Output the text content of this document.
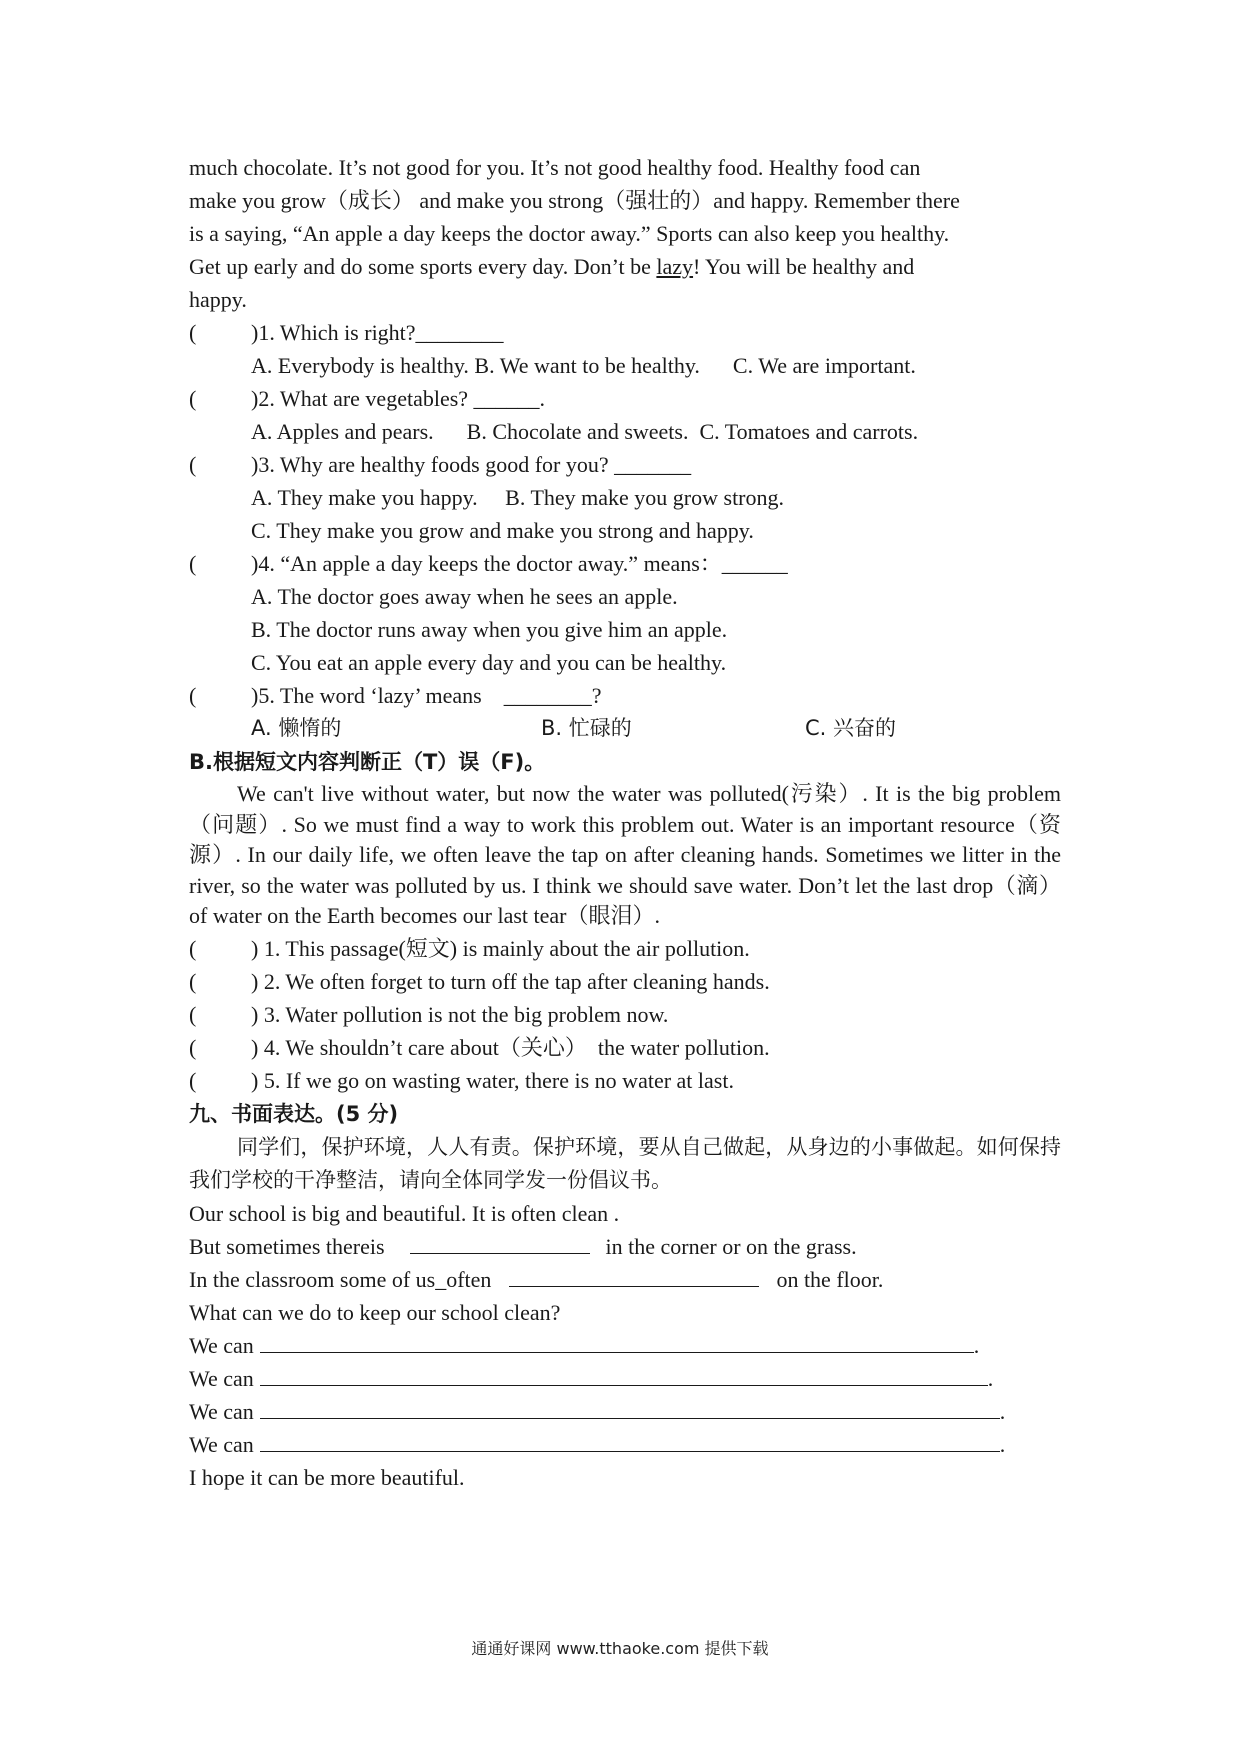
much chocolate. It’s not good for you. It’s not good healthy food. Healthy food can
make you grow（成长） and make you strong（强壮的）and happy. Remember there
is a saying, “An apple a day keeps the doctor away.” Sports can also keep you healthy.
Get up early and do some sports every day. Don’t be lazy! You will be healthy and
happy.
(	)1. Which is right?________
A. Everybody is healthy. B. We want to be healthy.      C. We are important.
(	)2. What are vegetables? ______.
A. Apples and pears.      B. Chocolate and sweets.  C. Tomatoes and carrots.
(	)3. Why are healthy foods good for you? _______
A. They make you happy.     B. They make you grow strong.
C. They make you grow and make you strong and happy.
(	)4. “An apple a day keeps the doctor away.” means：______
A. The doctor goes away when he sees an apple.
B. The doctor runs away when you give him an apple.
C. You eat an apple every day and you can be healthy.
(	)5. The word ‘lazy’ means    ________?
A. 懒惰的	B. 忙碌的	C. 兴奋的
B.根据短文内容判断正（T）误（F)。
We can't live without water, but now the water was polluted(污染）. It is the big problem（问题）. So we must find a way to work this problem out. Water is an important resource（资源）. In our daily life, we often leave the tap on after cleaning hands. Sometimes we litter in the river, so the water was polluted by us. I think we should save water. Don’t let the last drop（滴） of water on the Earth becomes our last tear（眼泪）.
(	) 1. This passage(短文) is mainly about the air pollution.
(	) 2. We often forget to turn off the tap after cleaning hands.
(	) 3. Water pollution is not the big problem now.
(	) 4. We shouldn’t care about（关心）  the water pollution.
(	) 5. If we go on wasting water, there is no water at last.
九、书面表达。(5 分)
同学们，保护环境，人人有责。保护环境，要从自己做起，从身边的小事做起。如何保持我们学校的干净整洁，请向全体同学发一份倡议书。
Our school is big and beautiful. It is often clean .
But sometimes thereis	in the corner or on the grass.
In the classroom some of us_often	on the floor.
What can we do to keep our school clean?
We can	.
We can	.
We can	.
We can	.
I hope it can be more beautiful.
通通好课网 www.tthaoke.com 提供下载
